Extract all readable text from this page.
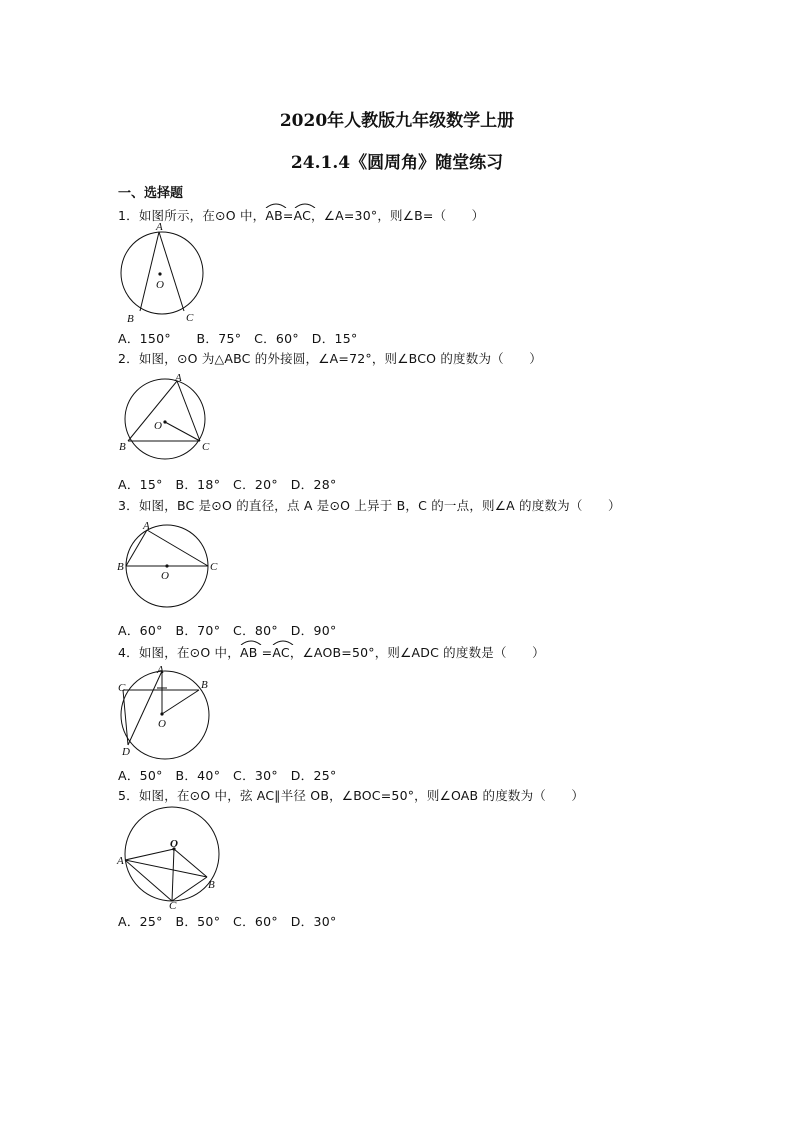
2020年人教版九年级数学上册
24.1.4《圆周角》随堂练习
一、选择题
1．如图所示，在⊙O 中，
AB=
AC，∠A=30°，则∠B=（　　）
A
B	C
O
A．150°　　B．75°　C．60°　D．15°
2．如图，⊙O 为△ABC 的外接圆，∠A=72°，则∠BCO 的度数为（　　）
A
B	C
O
A．15°　B．18°　C．20°　D．28°
3．如图，BC 是⊙O 的直径，点 A 是⊙O 上异于 B，C 的一点，则∠A 的度数为（　　）
A
B	C
O
A．60°　B．70°　C．80°　D．90°
4．如图，在⊙O 中，
AB =
AC，∠AOB=50°，则∠ADC 的度数是（　　）
A
C	B
D
O
A．50°　B．40°　C．30°　D．25°
5．如图，在⊙O 中，弦 AC∥半径 OB，∠BOC=50°，则∠OAB 的度数为（　　）
O
A
B
C
A．25°　B．50°　C．60°　D．30°
